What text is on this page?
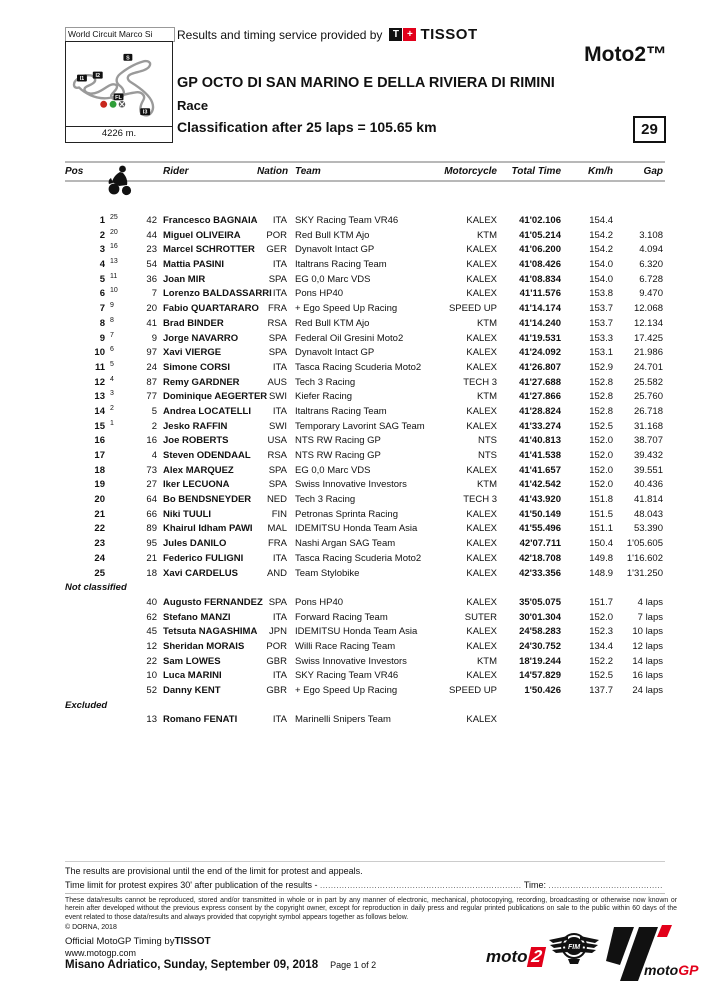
World Circuit Marco Si
I1 I2
S
FL
I3
4226 m.
Results and timing service provided by	T + TISSOT
Moto2™
GP OCTO DI SAN MARINO E DELLA RIVIERA DI RIMINI
Race
Classification after 25 laps = 105.65 km	29
Pos	Rider	Nation Team	Motorcycle	Total Time	Km/h	Gap
1 25	42 Francesco BAGNAIA	ITA SKY Racing Team VR46	KALEX	41'02.106	154.4
2 20	44 Miguel OLIVEIRA	POR Red Bull KTM Ajo	KTM	41'05.214	154.2	3.108
3 16	23 Marcel SCHROTTER	GER Dynavolt Intact GP	KALEX	41'06.200	154.2	4.094
4 13	54 Mattia PASINI	ITA Italtrans Racing Team	KALEX	41'08.426	154.0	6.320
5 11	36 Joan MIR	SPA EG 0,0 Marc VDS	KALEX	41'08.834	154.0	6.728
6 10	7 Lorenzo BALDASSARRI ITA Pons HP40	KALEX	41'11.576	153.8	9.470
7 9	20 Fabio QUARTARARO FRA + Ego Speed Up Racing	SPEED UP	41'14.174	153.7	12.068
8 8	41 Brad BINDER	RSA Red Bull KTM Ajo	KTM	41'14.240	153.7	12.134
9 7	9 Jorge NAVARRO	SPA Federal Oil Gresini Moto2	KALEX	41'19.531	153.3	17.425
10 6	97 Xavi VIERGE	SPA Dynavolt Intact GP	KALEX	41'24.092	153.1	21.986
11 5	24 Simone CORSI	ITA Tasca Racing Scuderia Moto2	KALEX	41'26.807	152.9	24.701
12 4	87 Remy GARDNER	AUS Tech 3 Racing	TECH 3	41'27.688	152.8	25.582
13 3	77 Dominique AEGERTER SWI Kiefer Racing	KTM	41'27.866	152.8	25.760
14 2	5 Andrea LOCATELLI	ITA Italtrans Racing Team	KALEX	41'28.824	152.8	26.718
15 1	2 Jesko RAFFIN	SWI Temporary Lavorint SAG Team	KALEX	41'33.274	152.5	31.168
16	16 Joe ROBERTS	USA NTS RW Racing GP	NTS	41'40.813	152.0	38.707
17	4 Steven ODENDAAL	RSA NTS RW Racing GP	NTS	41'41.538	152.0	39.432
18	73 Alex MARQUEZ	SPA EG 0,0 Marc VDS	KALEX	41'41.657	152.0	39.551
19	27 Iker LECUONA	SPA Swiss Innovative Investors	KTM	41'42.542	152.0	40.436
20	64 Bo BENDSNEYDER	NED Tech 3 Racing	TECH 3	41'43.920	151.8	41.814
21	66 Niki TUULI	FIN Petronas Sprinta Racing	KALEX	41'50.149	151.5	48.043
22	89 Khairul Idham PAWI	MAL IDEMITSU Honda Team Asia	KALEX	41'55.496	151.1	53.390
23	95 Jules DANILO	FRA Nashi Argan SAG Team	KALEX	42'07.711	150.4	1'05.605
24	21 Federico FULIGNI	ITA Tasca Racing Scuderia Moto2	KALEX	42'18.708	149.8	1'16.602
25	18 Xavi CARDELUS	AND Team Stylobike	KALEX	42'33.356	148.9	1'31.250
Not classified
40 Augusto FERNANDEZ SPA Pons HP40	KALEX	35'05.075	151.7	4 laps
62 Stefano MANZI	ITA Forward Racing Team	SUTER	30'01.304	152.0	7 laps
45 Tetsuta NAGASHIMA	JPN IDEMITSU Honda Team Asia	KALEX	24'58.283	152.3	10 laps
12 Sheridan MORAIS	POR Willi Race Racing Team	KALEX	24'30.752	134.4	12 laps
22 Sam LOWES	GBR Swiss Innovative Investors	KTM	18'19.244	152.2	14 laps
10 Luca MARINI	ITA SKY Racing Team VR46	KALEX	14'57.829	152.5	16 laps
52 Danny KENT	GBR + Ego Speed Up Racing	SPEED UP	1'50.426	137.7	24 laps
Excluded
13 Romano FENATI	ITA Marinelli Snipers Team	KALEX
The results are provisional until the end of the limit for protest and appeals.
Time limit for protest expires 30' after publication of the results - .......................................................................... Time: ..........................................
These data/results cannot be reproduced, stored and/or transmitted in whole or in part by any manner of electronic, mechanical, photocopying, recording, broadcasting or otherwise now known or herein after developed without the previous express consent by the copyright owner, except for reproduction in daily press and regular printed publications on sale to the public within 60 days of the event related to those data/results and always provided that copyright symbol appears together as follows below.
© DORNA, 2018
Official MotoGP Timing byTISSOT
www.motogp.com
Misano Adriatico, Sunday, September 09, 2018 Page 1 of 2	moto 2	FIM
motoGP
